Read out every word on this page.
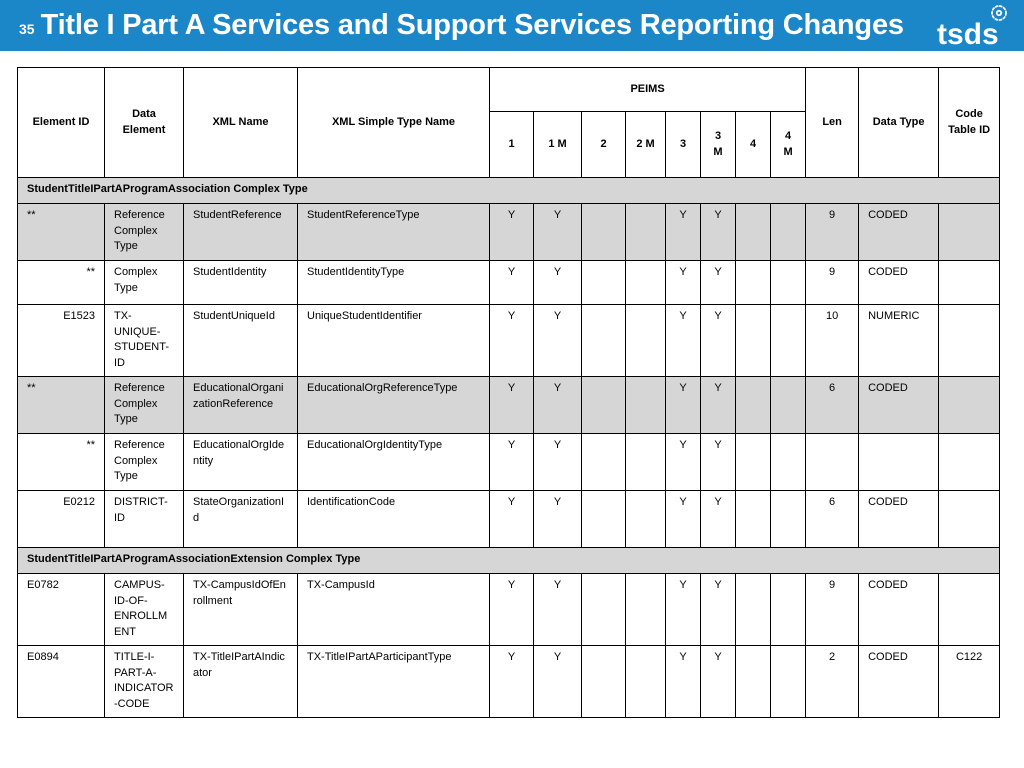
35 Title I Part A Services and Support Services Reporting Changes tsds
Element ID	Data Element	XML Name	XML Simple Type Name	PEIMS								Len	Data Type	Code Table ID
				1	1 M	2	2 M	3	3 M	4	4 M			
StudentTitleIPartAProgramAssociation Complex Type														
**	Reference Complex Type	StudentReference	StudentReferenceType	Y	Y			Y	Y			9	CODED	
**	Complex Type	StudentIdentity	StudentIdentityType	Y	Y			Y	Y			9	CODED	
E1523	TX-UNIQUE-STUDENT-ID	StudentUniqueId	UniqueStudentIdentifier	Y	Y			Y	Y			10	NUMERIC	
**	Reference Complex Type	EducationalOrganizationReference	EducationalOrgReferenceType	Y	Y			Y	Y			6	CODED	
**	Reference Complex Type	EducationalOrgIdentity	EducationalOrgIdentityType	Y	Y			Y	Y					
E0212	DISTRICT-ID	StateOrganizationId	IdentificationCode	Y	Y			Y	Y			6	CODED	
StudentTitleIPartAProgramAssociationExtension Complex Type														
E0782	CAMPUS-ID-OF-ENROLLMENT	TX-CampusIdOfEnrollment	TX-CampusId	Y	Y			Y	Y			9	CODED	
E0894	TITLE-I-PART-A-INDICATOR-CODE	TX-TitleIPartAIndicator	TX-TitleIPartAParticipantType	Y	Y			Y	Y			2	CODED	C122
